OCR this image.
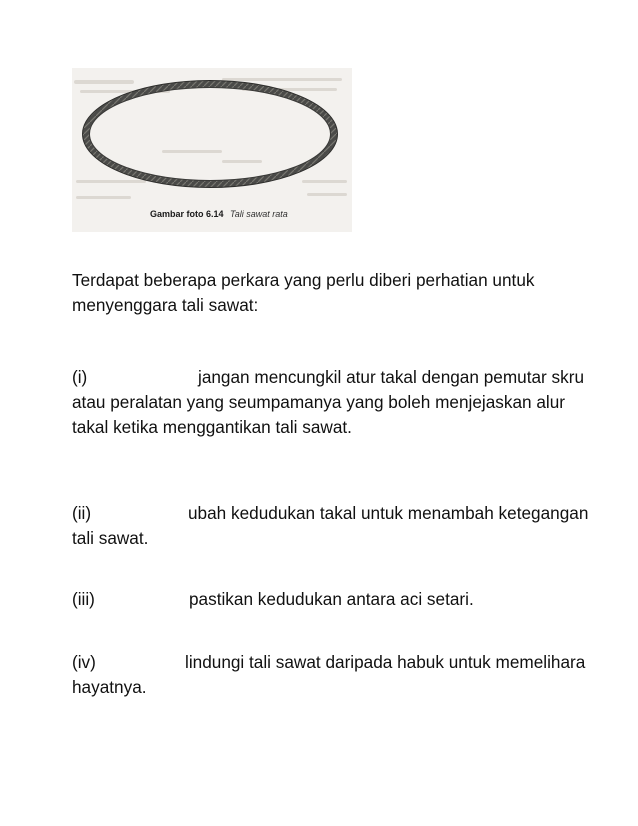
Gambar foto 6.14 Tali sawat rata

Terdapat beberapa perkara yang perlu diberi perhatian untuk menyenggara tali sawat:

(i)	jangan mencungkil atur takal dengan pemutar skru atau peralatan yang seumpamanya yang boleh menjejaskan alur takal ketika menggantikan tali sawat.

(ii)	ubah kedudukan takal untuk menambah ketegangan tali sawat.

(iii)	pastikan kedudukan antara aci setari.

(iv)	lindungi tali sawat daripada habuk untuk memelihara hayatnya.
